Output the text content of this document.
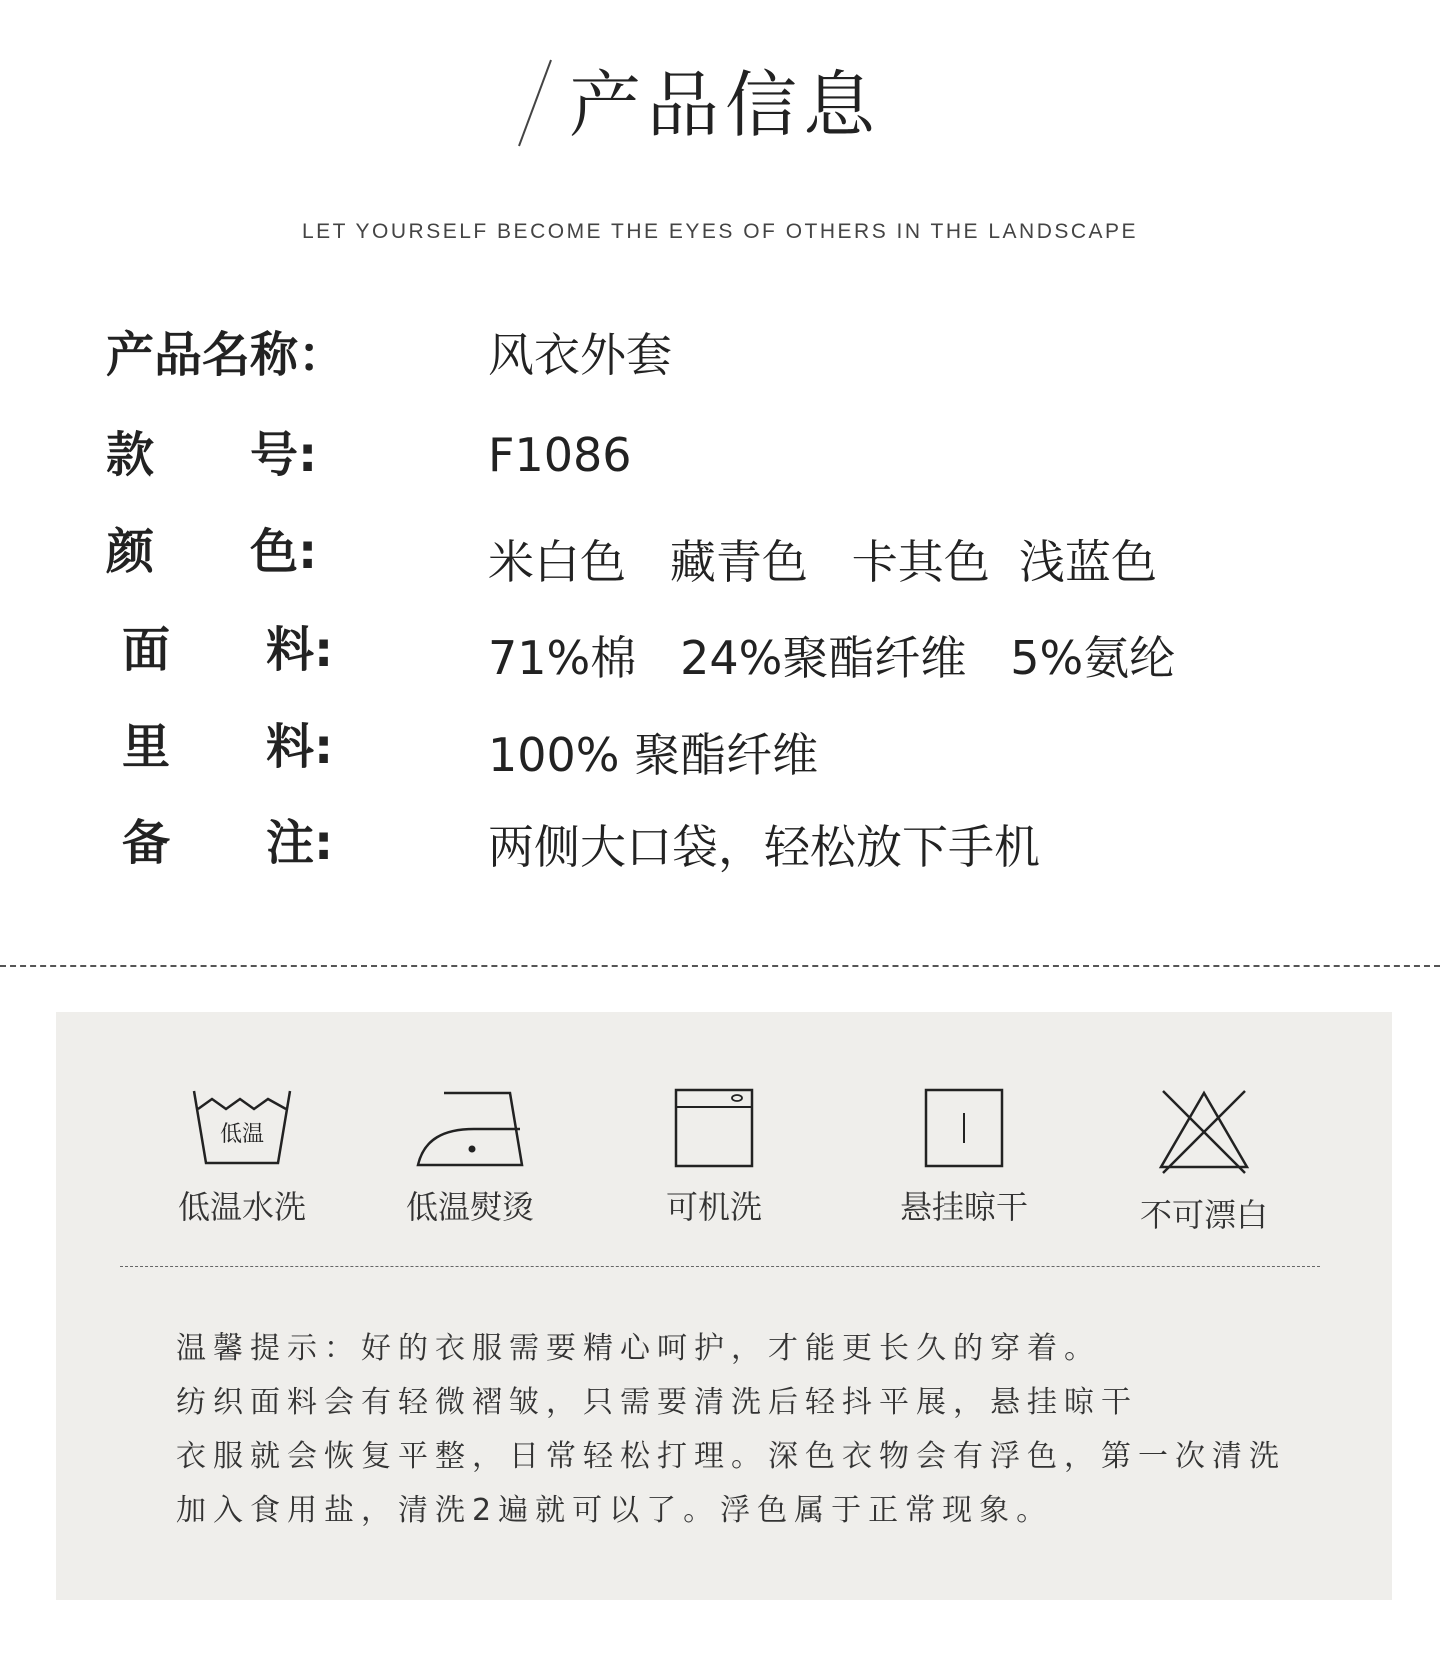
产品信息
LET YOURSELF BECOME THE EYES OF OTHERS IN THE LANDSCAPE
产品名称：	风衣外套
款　　号:	F1086
颜　　色:	米白色   藏青色   卡其色  浅蓝色
面　　料:	71%棉   24%聚酯纤维   5%氨纶
里　　料:	100% 聚酯纤维
备　　注:	两侧大口袋，轻松放下手机
低温
低温水洗	低温熨烫	可机洗	悬挂晾干	不可漂白
温馨提示：好的衣服需要精心呵护，才能更长久的穿着。
纺织面料会有轻微褶皱，只需要清洗后轻抖平展，悬挂晾干
衣服就会恢复平整，日常轻松打理。深色衣物会有浮色，第一次清洗
加入食用盐，清洗2遍就可以了。浮色属于正常现象。
